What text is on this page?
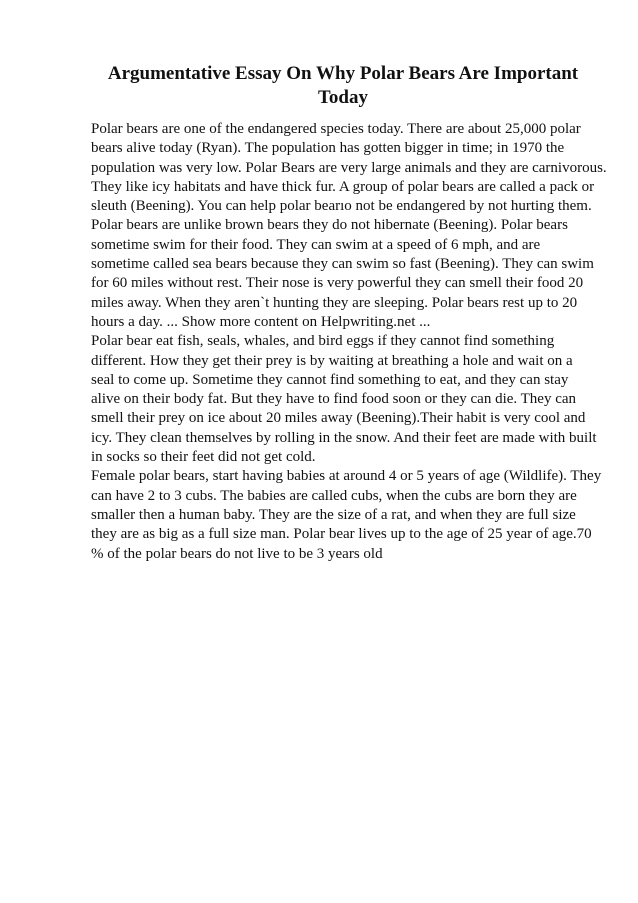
Argumentative Essay On Why Polar Bears Are Important
Today
Polar bears are one of the endangered species today. There are about 25,000 polar
bears alive today (Ryan). The population has gotten bigger in time; in 1970 the
population was very low. Polar Bears are very large animals and they are carnivorous.
They like icy habitats and have thick fur. A group of polar bears are called a pack or
sleuth (Beening). You can help polar bearıo not be endangered by not hurting them.
Polar bears are unlike brown bears they do not hibernate (Beening). Polar bears
sometime swim for their food. They can swim at a speed of 6 mph, and are
sometime called sea bears because they can swim so fast (Beening). They can swim
for 60 miles without rest. Their nose is very powerful they can smell their food 20
miles away. When they aren`t hunting they are sleeping. Polar bears rest up to 20
hours a day. ... Show more content on Helpwriting.net ...
Polar bear eat fish, seals, whales, and bird eggs if they cannot find something
different. How they get their prey is by waiting at breathing a hole and wait on a
seal to come up. Sometime they cannot find something to eat, and they can stay
alive on their body fat. But they have to find food soon or they can die. They can
smell their prey on ice about 20 miles away (Beening).Their habit is very cool and
icy. They clean themselves by rolling in the snow. And their feet are made with built
in socks so their feet did not get cold.
Female polar bears, start having babies at around 4 or 5 years of age (Wildlife). They
can have 2 to 3 cubs. The babies are called cubs, when the cubs are born they are
smaller then a human baby. They are the size of a rat, and when they are full size
they are as big as a full size man. Polar bear lives up to the age of 25 year of age.70
% of the polar bears do not live to be 3 years old
